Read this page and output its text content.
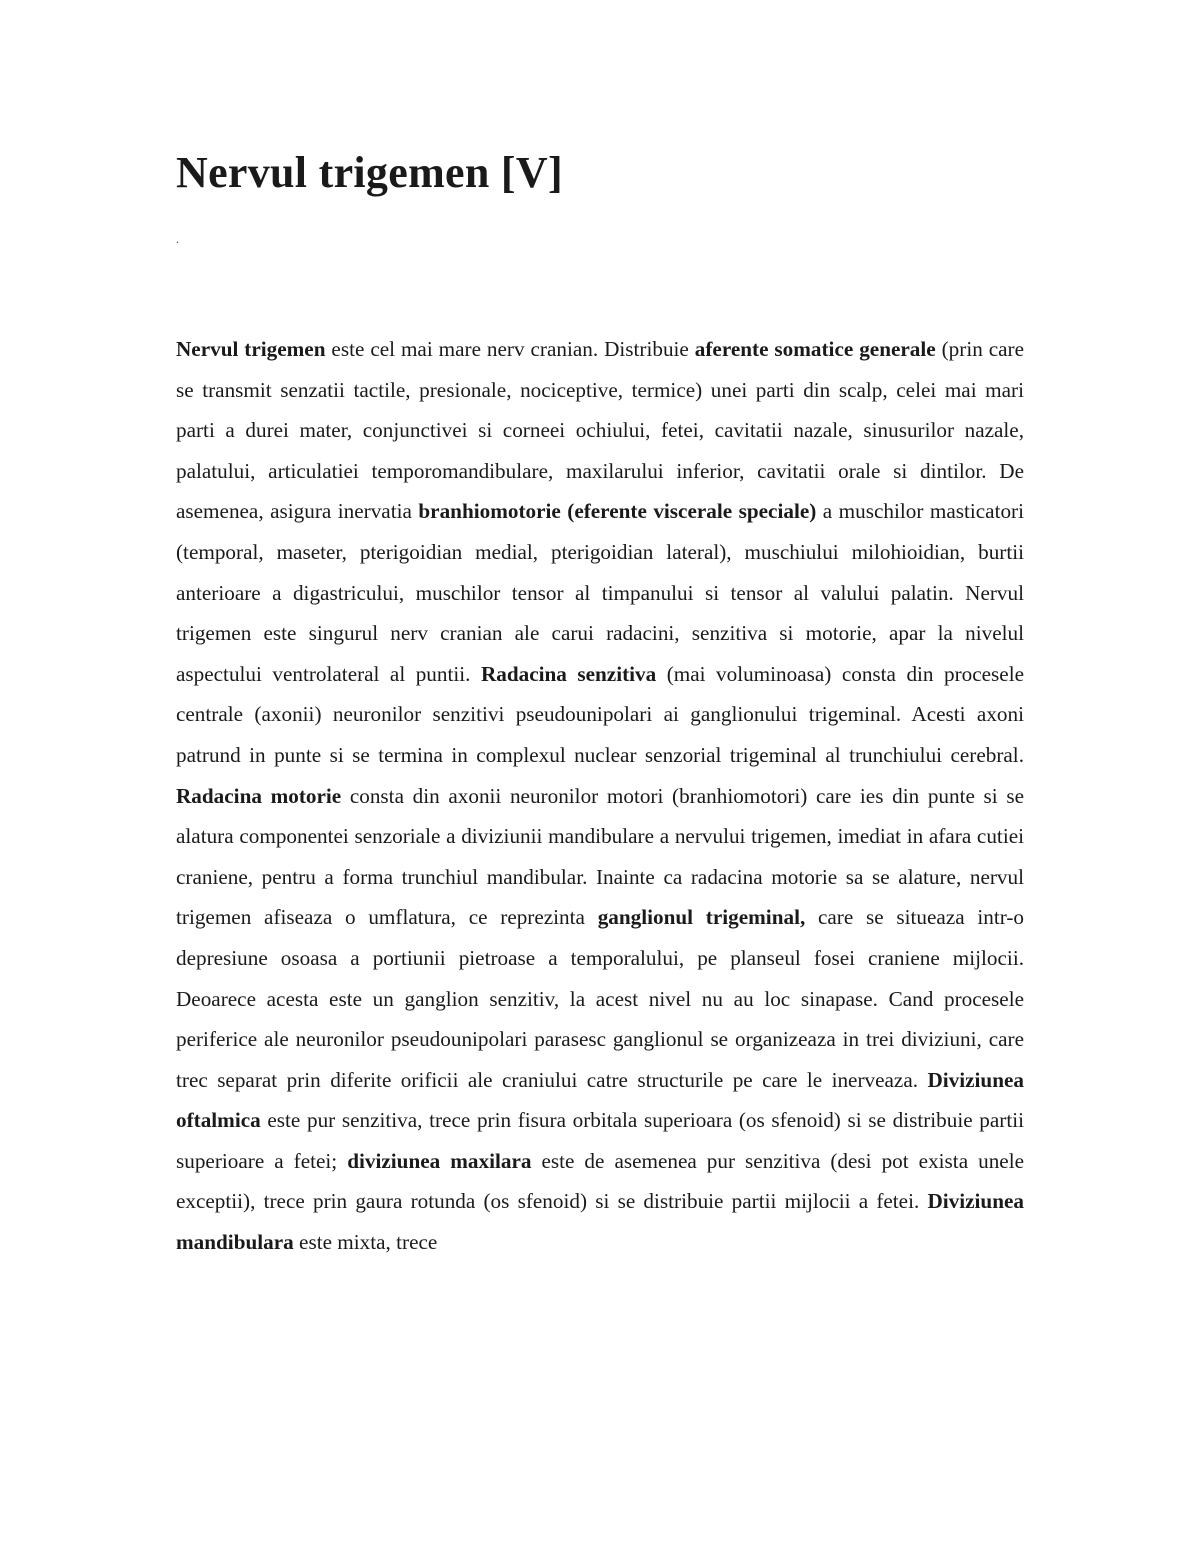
Nervul trigemen [V]
.

Nervul trigemen este cel mai mare nerv cranian. Distribuie aferente somatice generale (prin care se transmit senzatii tactile, presionale, nociceptive, termice) unei parti din scalp, celei mai mari parti a durei mater, conjunctivei si corneei ochiului, fetei, cavitatii nazale, sinusurilor nazale, palatului, articulatiei temporomandibulare, maxilarului inferior, cavitatii orale si dintilor. De asemenea, asigura inervatia branhiomotorie (eferente viscerale speciale) a muschilor masticatori (temporal, maseter, pterigoidian medial, pterigoidian lateral), muschiului milohioidian, burtii anterioare a digastricului, muschilor tensor al timpanului si tensor al valului palatin. Nervul trigemen este singurul nerv cranian ale carui radacini, senzitiva si motorie, apar la nivelul aspectului ventrolateral al puntii. Radacina senzitiva (mai voluminoasa) consta din procesele centrale (axonii) neuronilor senzitivi pseudounipolari ai ganglionului trigeminal. Acesti axoni patrund in punte si se termina in complexul nuclear senzorial trigeminal al trunchiului cerebral. Radacina motorie consta din axonii neuronilor motori (branhiomotori) care ies din punte si se alatura componentei senzoriale a diviziunii mandibulare a nervului trigemen, imediat in afara cutiei craniene, pentru a forma trunchiul mandibular. Inainte ca radacina motorie sa se alature, nervul trigemen afiseaza o umflatura, ce reprezinta ganglionul trigeminal, care se situeaza intr-o depresiune osoasa a portiunii pietroase a temporalului, pe planseul fosei craniene mijlocii. Deoarece acesta este un ganglion senzitiv, la acest nivel nu au loc sinapase. Cand procesele periferice ale neuronilor pseudounipolari parasesc ganglionul se organizeaza in trei diviziuni, care trec separat prin diferite orificii ale craniului catre structurile pe care le inerveaza. Diviziunea oftalmica este pur senzitiva, trece prin fisura orbitala superioara (os sfenoid) si se distribuie partii superioare a fetei; diviziunea maxilara este de asemenea pur senzitiva (desi pot exista unele exceptii), trece prin gaura rotunda (os sfenoid) si se distribuie partii mijlocii a fetei. Diviziunea mandibulara este mixta, trece
